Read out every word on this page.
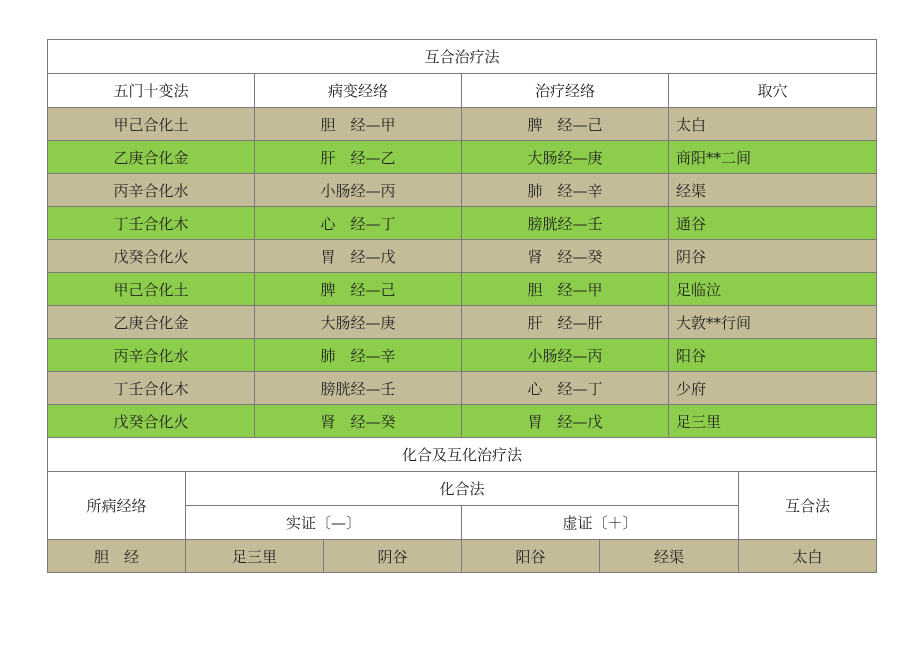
互合治疗法							
五门十变法		病变经络		治疗经络		取穴	
甲己合化土		胆　经—甲		脾　经—己		太白	
乙庚合化金		肝　经—乙		大肠经—庚		商阳**二间	
丙辛合化水		小肠经—丙		肺　经—辛		经渠	
丁壬合化木		心　经—丁		膀胱经—壬		通谷	
戊癸合化火		胃　经—戊		肾　经—癸		阴谷	
甲己合化土		脾　经—己		胆　经—甲		足临泣	
乙庚合化金		大肠经—庚		肝　经—肝		大敦**行间	
丙辛合化水		肺　经—辛		小肠经—丙		阳谷	
丁壬合化木		膀胱经—壬		心　经—丁		少府	
戊癸合化火		肾　经—癸		胃　经—戊		足三里	
化合及互化治疗法							
所病经络	化合法						互合法
	实证〔—〕			虚证〔＋〕			
胆　经	足三里		阴谷	阳谷	经渠		太白
